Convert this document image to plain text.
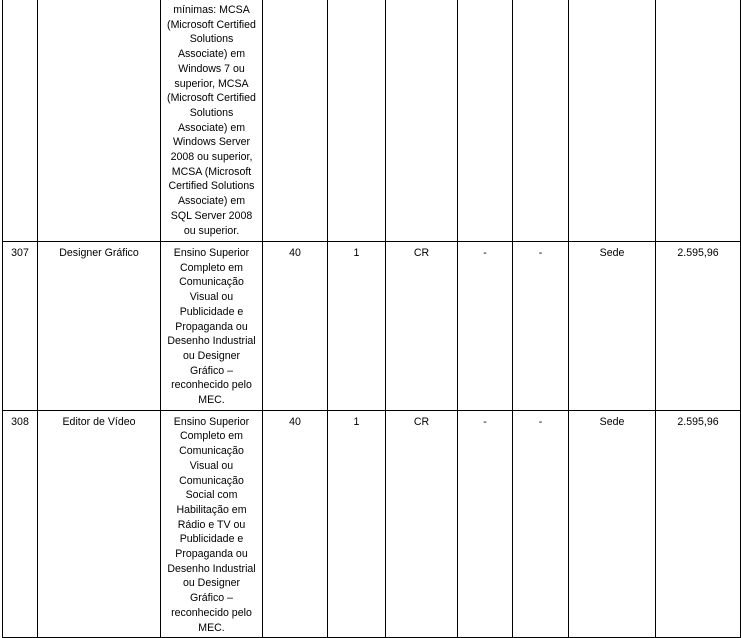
		mínimas: MCSA (Microsoft Certified Solutions Associate) em Windows 7 ou superior, MCSA (Microsoft Certified Solutions Associate) em Windows Server 2008 ou superior, MCSA (Microsoft Certified Solutions Associate) em SQL Server 2008 ou superior.							
307	Designer Gráfico	Ensino Superior Completo em Comunicação Visual ou Publicidade e Propaganda ou Desenho Industrial ou Designer Gráfico – reconhecido pelo MEC.	40	1	CR	-	-	Sede	2.595,96
308	Editor de Vídeo	Ensino Superior Completo em Comunicação Visual ou Comunicação Social com Habilitação em Rádio e TV ou Publicidade e Propaganda ou Desenho Industrial ou Designer Gráfico – reconhecido pelo MEC.	40	1	CR	-	-	Sede	2.595,96
